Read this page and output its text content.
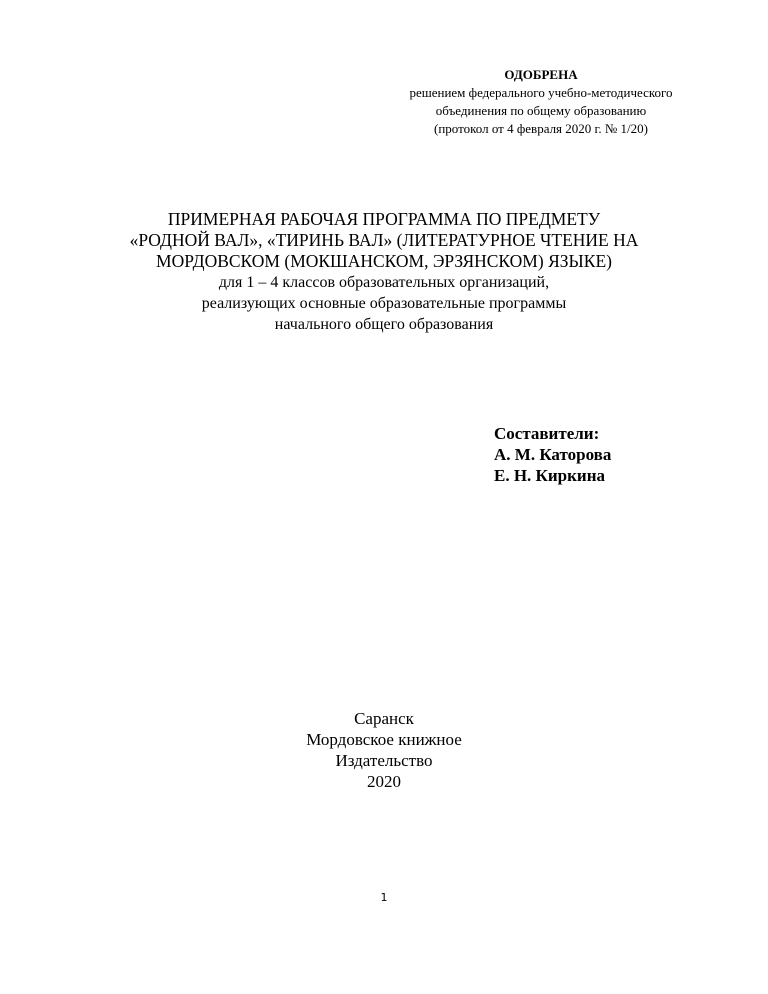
ОДОБРЕНА
решением федерального учебно-методического
объединения по общему образованию
(протокол от 4 февраля 2020 г. № 1/20)
ПРИМЕРНАЯ РАБОЧАЯ ПРОГРАММА ПО ПРЕДМЕТУ
«РОДНОЙ ВАЛ», «ТИРИНЬ ВАЛ» (ЛИТЕРАТУРНОЕ ЧТЕНИЕ НА
МОРДОВСКОМ (МОКШАНСКОМ, ЭРЗЯНСКОМ) ЯЗЫКЕ)
для 1 – 4 классов образовательных организаций,
реализующих основные образовательные программы
начального общего образования
Составители:
А. М. Каторова
Е. Н. Киркина
Саранск
Мордовское книжное
Издательство
2020
1
